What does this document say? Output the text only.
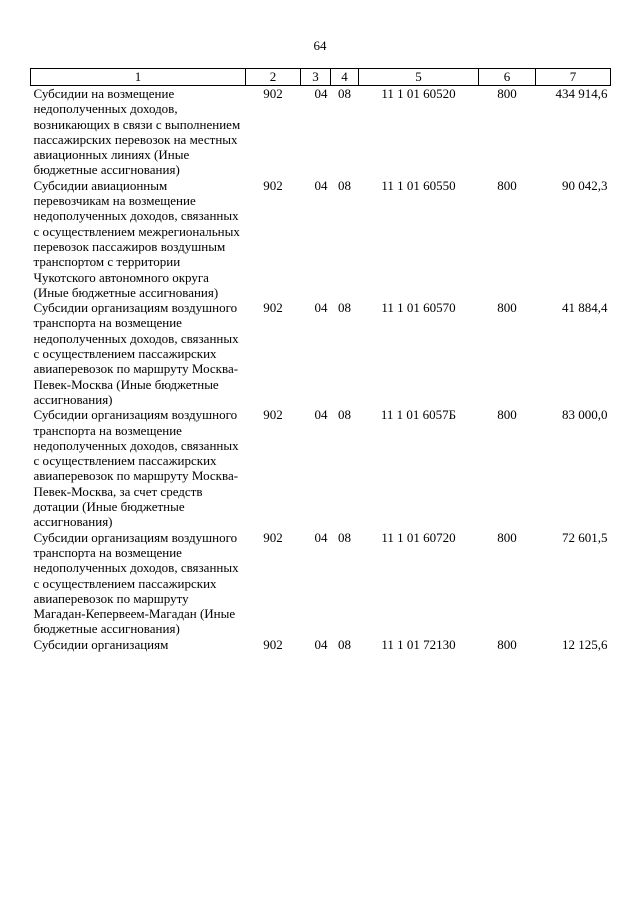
64
1	2	3	4	5	6	7
Субсидии на возмещение недополученных доходов, возникающих в связи с выполнением пассажирских перевозок на местных авиационных линиях (Иные бюджетные ассигнования)	902	04	08	11 1 01 60520	800	434 914,6
Субсидии авиационным перевозчикам на возмещение недополученных доходов, связанных с осуществлением межрегиональных перевозок пассажиров воздушным транспортом с территории Чукотского автономного округа (Иные бюджетные ассигнования)	902	04	08	11 1 01 60550	800	90 042,3
Субсидии организациям воздушного транспорта на возмещение недополученных доходов, связанных с осуществлением пассажирских авиаперевозок по маршруту Москва-Певек-Москва (Иные бюджетные ассигнования)	902	04	08	11 1 01 60570	800	41 884,4
Субсидии организациям воздушного транспорта на возмещение недополученных доходов, связанных с осуществлением пассажирских авиаперевозок по маршруту Москва-Певек-Москва, за счет средств дотации (Иные бюджетные ассигнования)	902	04	08	11 1 01 6057Б	800	83 000,0
Субсидии организациям воздушного транспорта на возмещение недополученных доходов, связанных с осуществлением пассажирских авиаперевозок по маршруту Магадан-Кепервеем-Магадан (Иные бюджетные ассигнования)	902	04	08	11 1 01 60720	800	72 601,5
Субсидии организациям	902	04	08	11 1 01 72130	800	12 125,6
